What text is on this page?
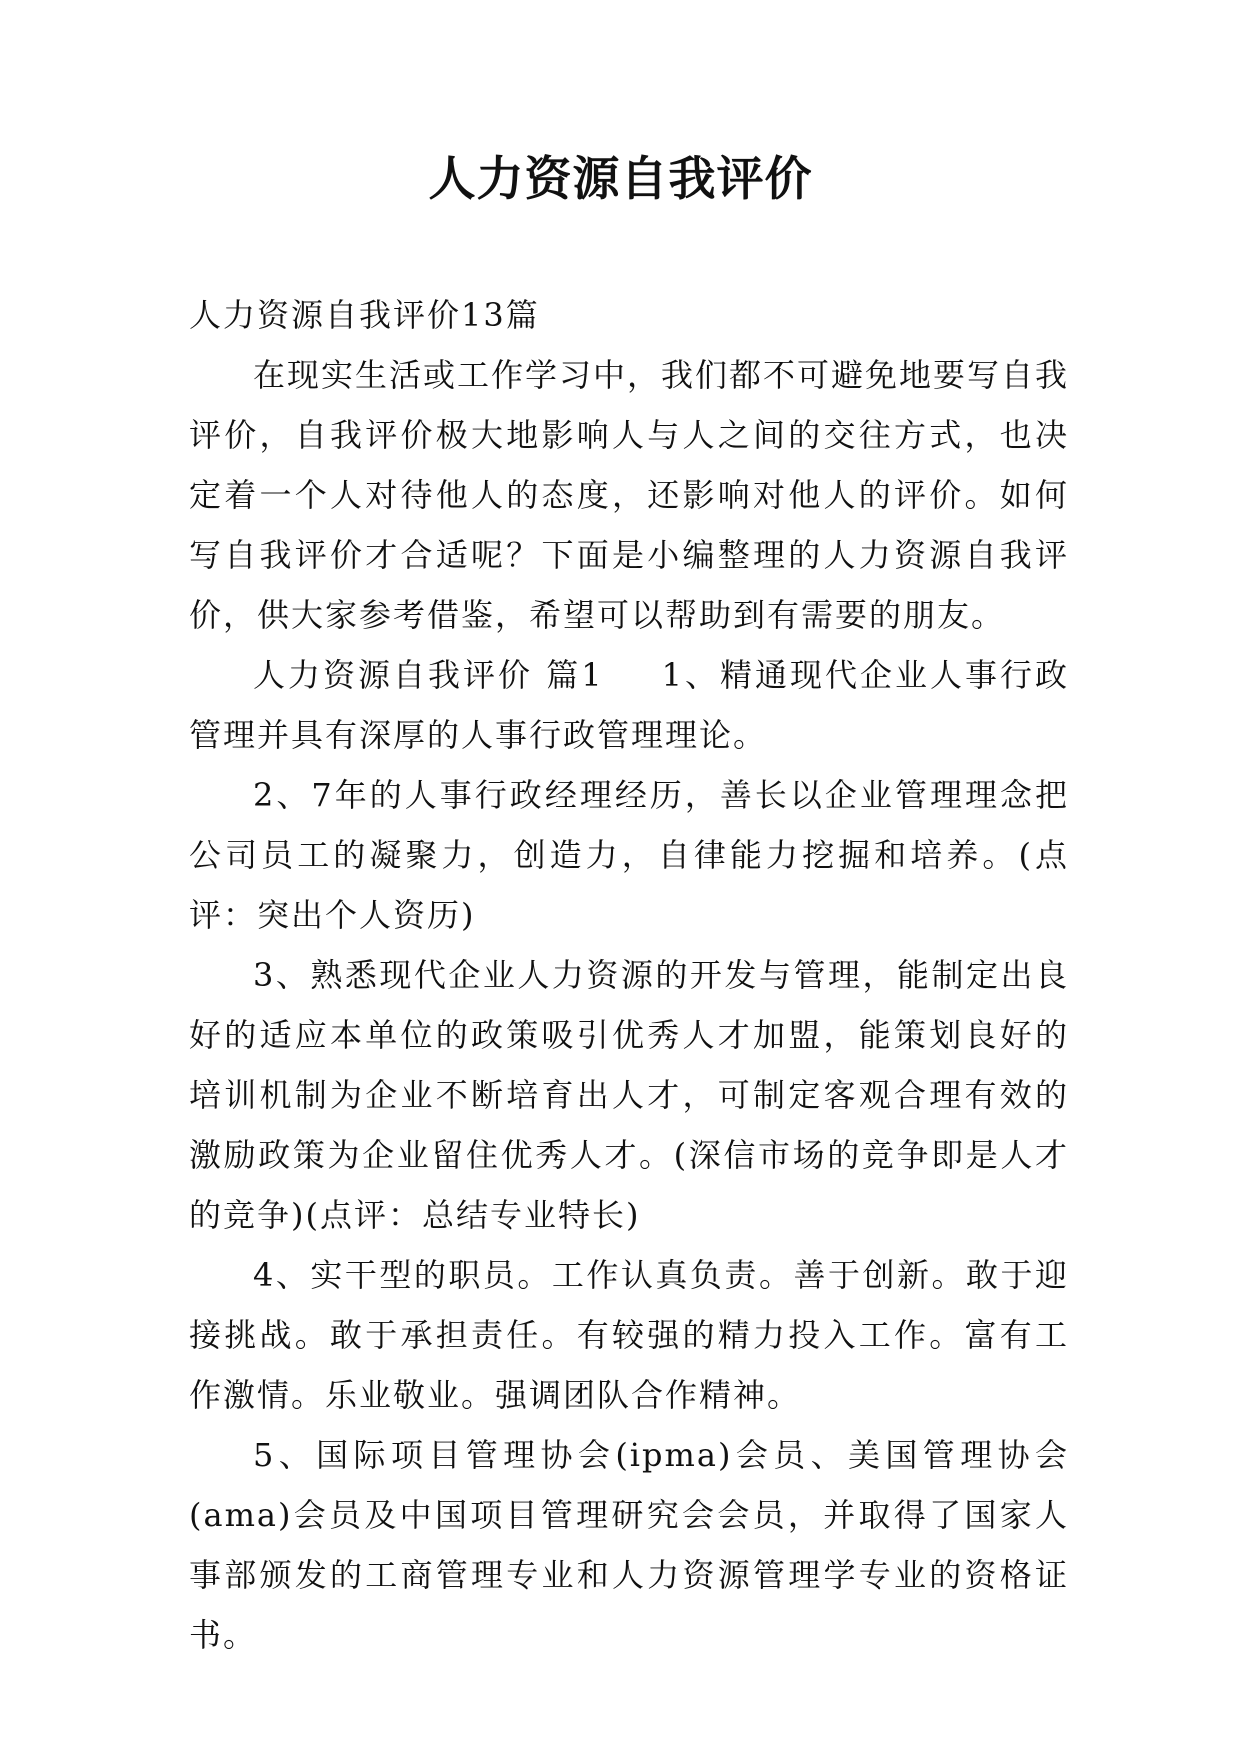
人力资源自我评价

人力资源自我评价13篇

在现实生活或工作学习中，我们都不可避免地要写自我评价，自我评价极大地影响人与人之间的交往方式，也决定着一个人对待他人的态度，还影响对他人的评价。如何写自我评价才合适呢？下面是小编整理的人力资源自我评价，供大家参考借鉴，希望可以帮助到有需要的朋友。

人力资源自我评价 篇1 1、精通现代企业人事行政管理并具有深厚的人事行政管理理论。

2、7年的人事行政经理经历，善长以企业管理理念把公司员工的凝聚力，创造力，自律能力挖掘和培养。(点评：突出个人资历)

3、熟悉现代企业人力资源的开发与管理，能制定出良好的适应本单位的政策吸引优秀人才加盟，能策划良好的培训机制为企业不断培育出人才，可制定客观合理有效的激励政策为企业留住优秀人才。(深信市场的竞争即是人才的竞争)(点评：总结专业特长)

4、实干型的职员。工作认真负责。善于创新。敢于迎接挑战。敢于承担责任。有较强的精力投入工作。富有工作激情。乐业敬业。强调团队合作精神。

5、国际项目管理协会(ipma)会员、美国管理协会(ama)会员及中国项目管理研究会会员，并取得了国家人事部颁发的工商管理专业和人力资源管理学专业的资格证书。
